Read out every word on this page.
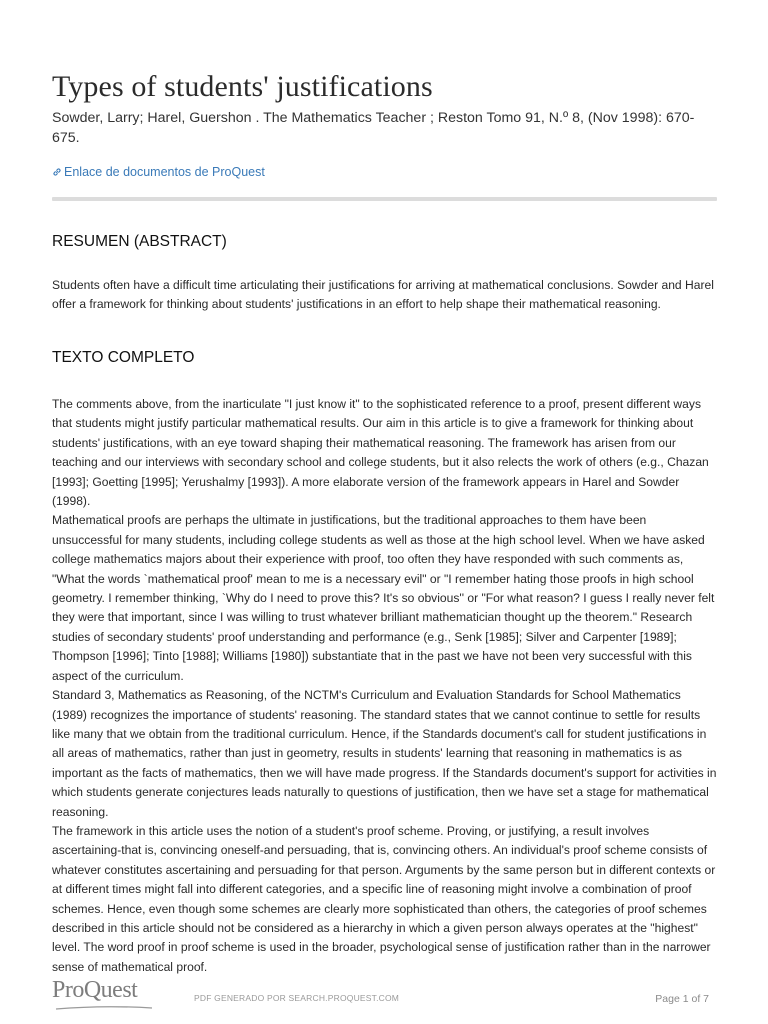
Types of students' justifications
Sowder, Larry; Harel, Guershon . The Mathematics Teacher ; Reston Tomo 91, N.º 8, (Nov 1998): 670-675.
Enlace de documentos de ProQuest
RESUMEN (ABSTRACT)

Students often have a difficult time articulating their justifications for arriving at mathematical conclusions. Sowder and Harel offer a framework for thinking about students' justifications in an effort to help shape their mathematical reasoning.

TEXTO COMPLETO

The comments above, from the inarticulate "I just know it" to the sophisticated reference to a proof, present different ways that students might justify particular mathematical results. Our aim in this article is to give a framework for thinking about students' justifications, with an eye toward shaping their mathematical reasoning. The framework has arisen from our teaching and our interviews with secondary school and college students, but it also relects the work of others (e.g., Chazan [1993]; Goetting [1995]; Yerushalmy [1993]). A more elaborate version of the framework appears in Harel and Sowder (1998).

Mathematical proofs are perhaps the ultimate in justifications, but the traditional approaches to them have been unsuccessful for many students, including college students as well as those at the high school level. When we have asked college mathematics majors about their experience with proof, too often they have responded with such comments as, "What the words `mathematical proof' mean to me is a necessary evil" or "I remember hating those proofs in high school geometry. I remember thinking, `Why do I need to prove this? It's so obvious'' or "For what reason? I guess I really never felt they were that important, since I was willing to trust whatever brilliant mathematician thought up the theorem." Research studies of secondary students' proof understanding and performance (e.g., Senk [1985]; Silver and Carpenter [1989]; Thompson [1996]; Tinto [1988]; Williams [1980]) substantiate that in the past we have not been very successful with this aspect of the curriculum.

Standard 3, Mathematics as Reasoning, of the NCTM's Curriculum and Evaluation Standards for School Mathematics (1989) recognizes the importance of students' reasoning. The standard states that we cannot continue to settle for results like many that we obtain from the traditional curriculum. Hence, if the Standards document's call for student justifications in all areas of mathematics, rather than just in geometry, results in students' learning that reasoning in mathematics is as important as the facts of mathematics, then we will have made progress. If the Standards document's support for activities in which students generate conjectures leads naturally to questions of justification, then we have set a stage for mathematical reasoning.

The framework in this article uses the notion of a student's proof scheme. Proving, or justifying, a result involves ascertaining-that is, convincing oneself-and persuading, that is, convincing others. An individual's proof scheme consists of whatever constitutes ascertaining and persuading for that person. Arguments by the same person but in different contexts or at different times might fall into different categories, and a specific line of reasoning might involve a combination of proof schemes. Hence, even though some schemes are clearly more sophisticated than others, the categories of proof schemes described in this article should not be considered as a hierarchy in which a given person always operates at the "highest" level. The word proof in proof scheme is used in the broader, psychological sense of justification rather than in the narrower sense of mathematical proof.

ProQuest	PDF GENERADO POR SEARCH.PROQUEST.COM	Page 1 of 7
